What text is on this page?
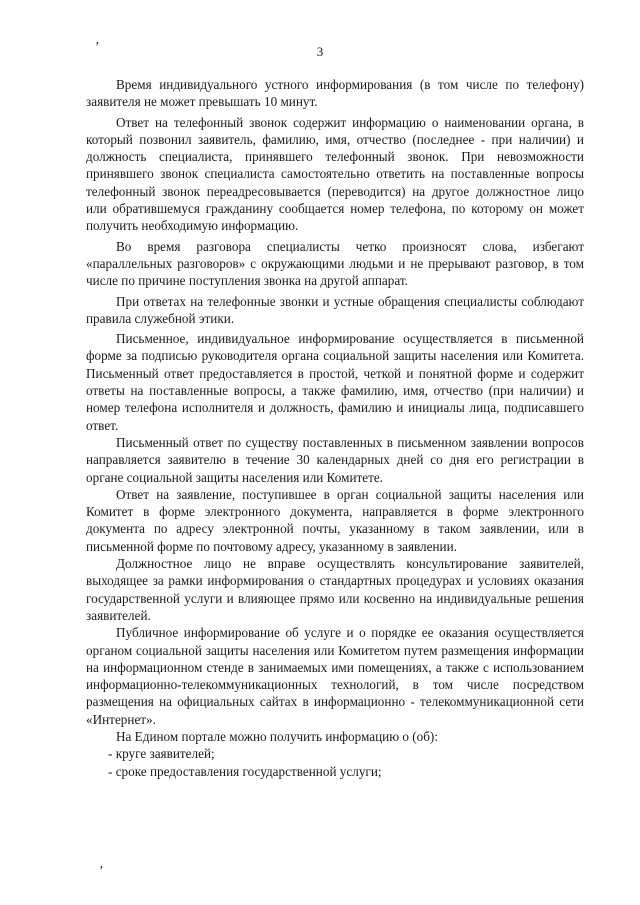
3
ʼ
ʼ

Время индивидуального устного информирования (в том числе по телефону) заявителя не может превышать 10 минут.

Ответ на телефонный звонок содержит информацию о наименовании органа, в который позвонил заявитель, фамилию, имя, отчество (последнее - при наличии) и должность специалиста, принявшего телефонный звонок. При невозможности принявшего звонок специалиста самостоятельно ответить на поставленные вопросы телефонный звонок переадресовывается (переводится) на другое должностное лицо или обратившемуся гражданину сообщается номер телефона, по которому он может получить необходимую информацию.

Во время разговора специалисты четко произносят слова, избегают «параллельных разговоров» с окружающими людьми и не прерывают разговор, в том числе по причине поступления звонка на другой аппарат.

При ответах на телефонные звонки и устные обращения специалисты соблюдают правила служебной этики.

Письменное, индивидуальное информирование осуществляется в письменной форме за подписью руководителя органа социальной защиты населения или Комитета. Письменный ответ предоставляется в простой, четкой и понятной форме и содержит ответы на поставленные вопросы, а также фамилию, имя, отчество (при наличии) и номер телефона исполнителя и должность, фамилию и инициалы лица, подписавшего ответ.

Письменный ответ по существу поставленных в письменном заявлении вопросов направляется заявителю в течение 30 календарных дней со дня его регистрации в органе социальной защиты населения или Комитете.

Ответ на заявление, поступившее в орган социальной защиты населения или Комитет в форме электронного документа, направляется в форме электронного документа по адресу электронной почты, указанному в таком заявлении, или в письменной форме по почтовому адресу, указанному в заявлении.

Должностное лицо не вправе осуществлять консультирование заявителей, выходящее за рамки информирования о стандартных процедурах и условиях оказания государственной услуги и влияющее прямо или косвенно на индивидуальные решения заявителей.

Публичное информирование об услуге и о порядке ее оказания осуществляется органом социальной защиты населения или Комитетом путем размещения информации на информационном стенде в занимаемых ими помещениях, а также с использованием информационно-телекоммуникационных технологий, в том числе посредством размещения на официальных сайтах в информационно - телекоммуникационной сети «Интернет».

На Едином портале можно получить информацию о (об):

- круге заявителей;

- сроке предоставления государственной услуги;
